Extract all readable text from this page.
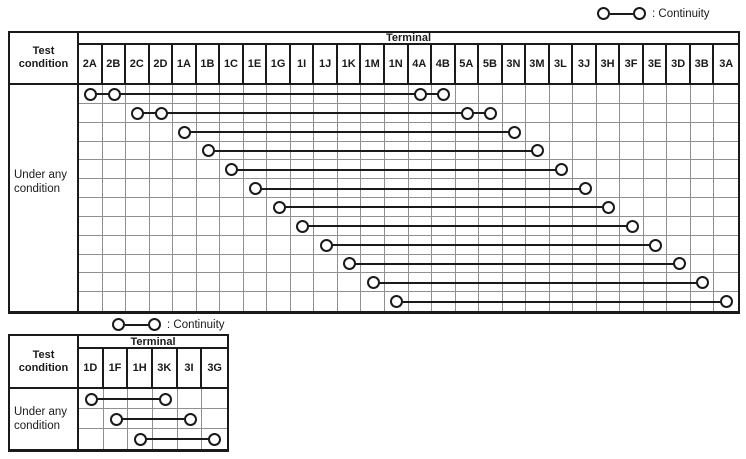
: Continuity
Test condition
Terminal
2A 2B 2C 2D 1A 1B 1C 1E 1G	1I	1J 1K 1M 1N 4A 4B 5A 5B 3N 3M 3L	3J 3H 3F 3E 3D 3B 3A
Under any condition
: Continuity
Test condition
Terminal
1D	1F	1H 3K	3I	3G
Under any condition
